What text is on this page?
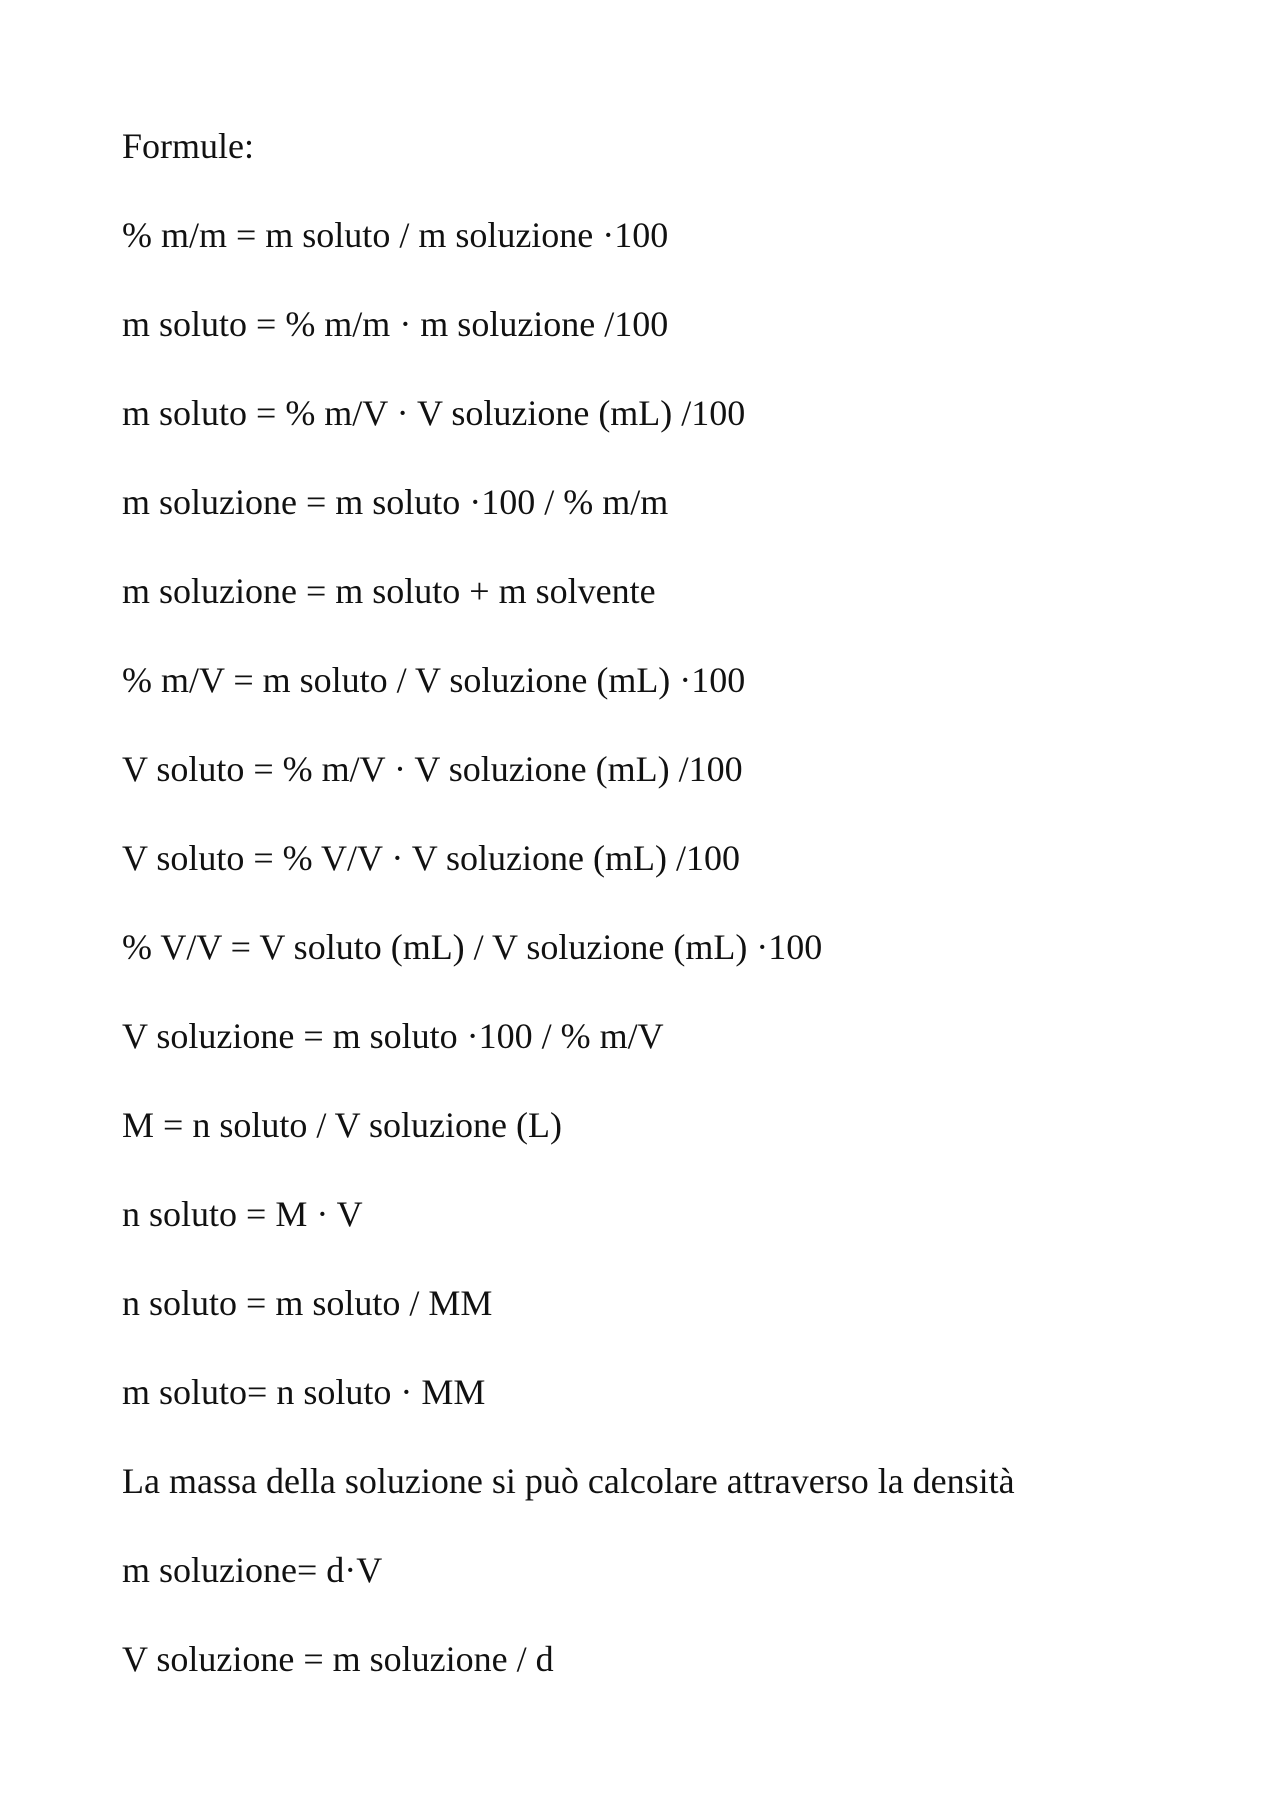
Formule:

% m/m = m soluto / m soluzione ·100

m soluto = % m/m · m soluzione /100

m soluto = % m/V · V soluzione (mL) /100

m soluzione = m soluto ·100 / % m/m

m soluzione = m soluto + m solvente

% m/V = m soluto / V soluzione (mL) ·100

V soluto = % m/V · V soluzione (mL) /100

V soluto = % V/V · V soluzione (mL) /100

% V/V = V soluto (mL) / V soluzione (mL) ·100

V soluzione = m soluto ·100 / % m/V

M = n soluto / V soluzione (L)

n soluto = M · V

n soluto = m soluto / MM

m soluto= n soluto · MM

La massa della soluzione si può calcolare attraverso la densità

m soluzione= d·V

V soluzione = m soluzione / d
